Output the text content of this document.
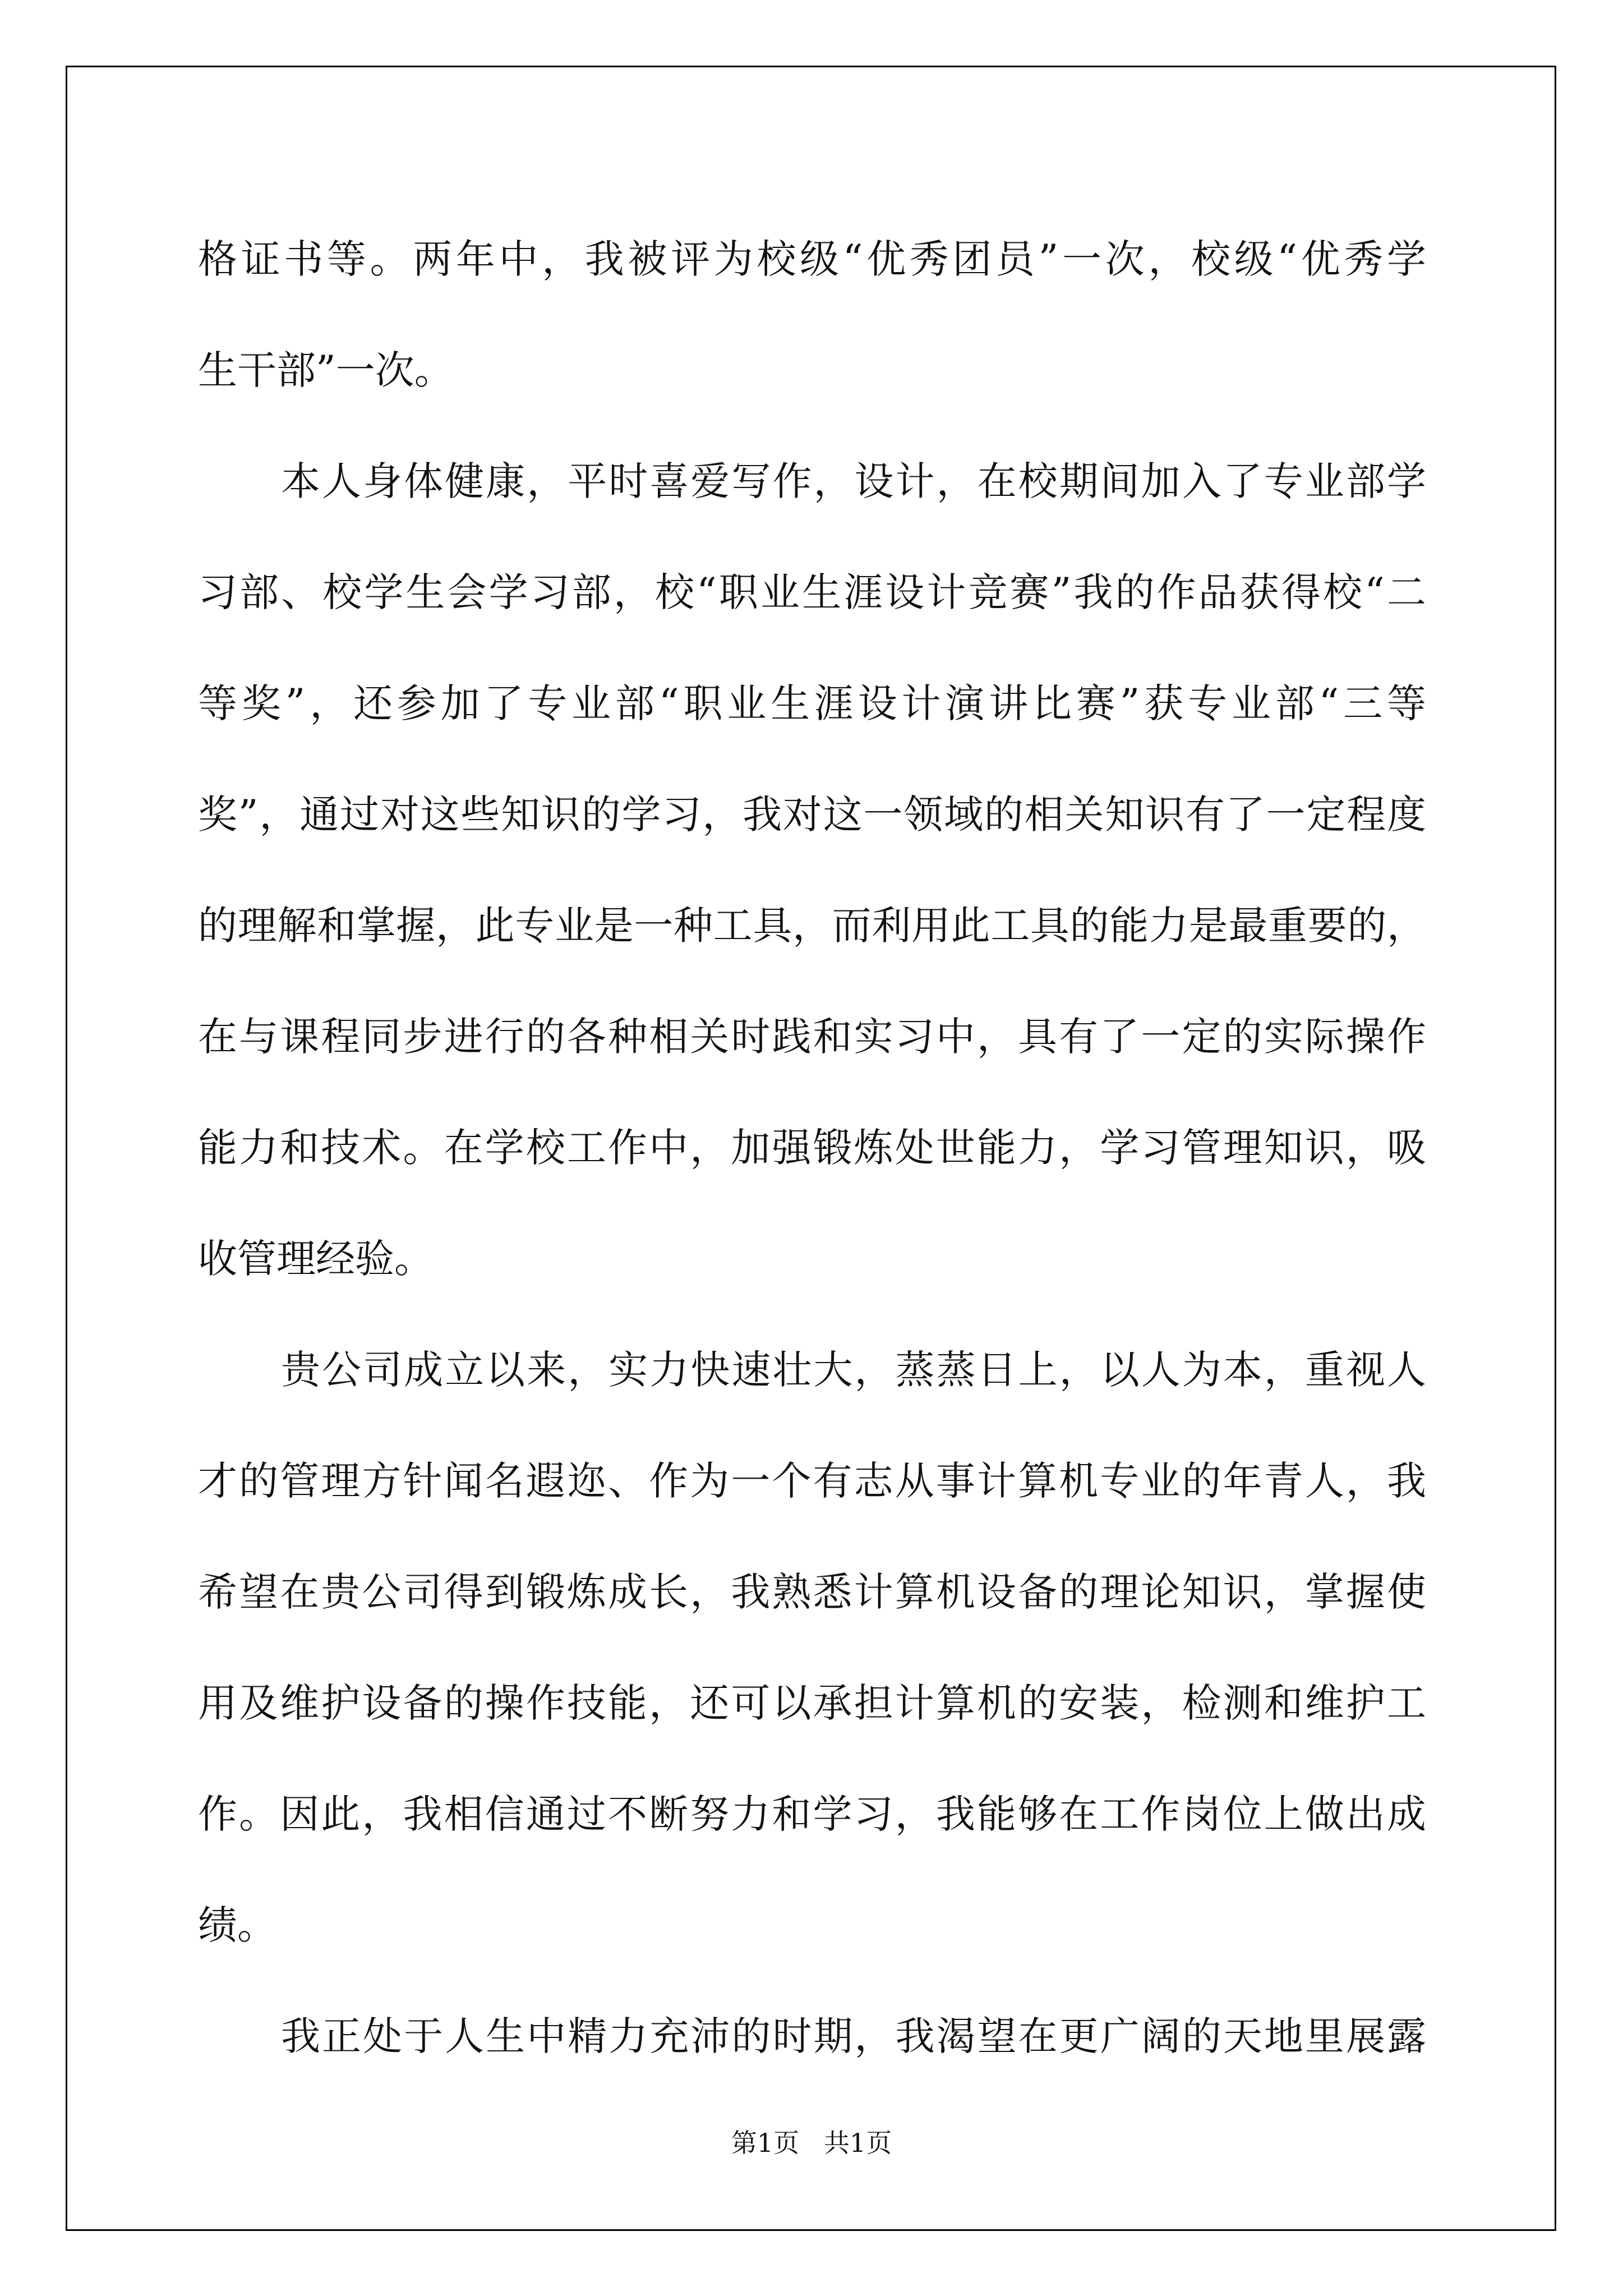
格证书等。两年中，我被评为校级“优秀团员”一次，校级“优秀学
生干部”一次。
本人身体健康，平时喜爱写作，设计，在校期间加入了专业部学
习部、校学生会学习部，校“职业生涯设计竞赛”我的作品获得校“二
等奖”，还参加了专业部“职业生涯设计演讲比赛”获专业部“三等
奖”，通过对这些知识的学习，我对这一领域的相关知识有了一定程度
的理解和掌握，此专业是一种工具，而利用此工具的能力是最重要的，
在与课程同步进行的各种相关时践和实习中，具有了一定的实际操作
能力和技术。在学校工作中，加强锻炼处世能力，学习管理知识，吸
收管理经验。
贵公司成立以来，实力快速壮大，蒸蒸日上，以人为本，重视人
才的管理方针闻名遐迩、作为一个有志从事计算机专业的年青人，我
希望在贵公司得到锻炼成长，我熟悉计算机设备的理论知识，掌握使
用及维护设备的操作技能，还可以承担计算机的安装，检测和维护工
作。因此，我相信通过不断努力和学习，我能够在工作岗位上做出成
绩。
我正处于人生中精力充沛的时期，我渴望在更广阔的天地里展露
第1页   共1页
